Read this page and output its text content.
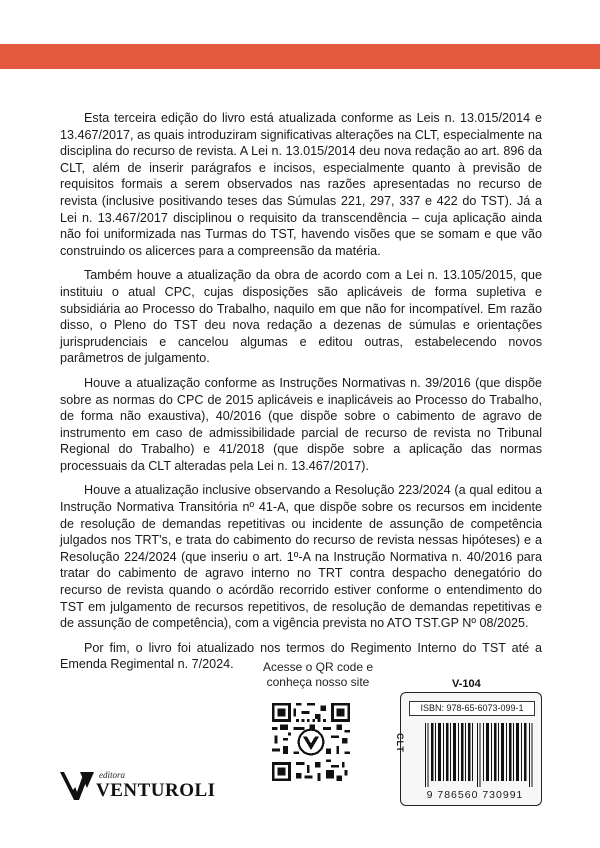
Esta terceira edição do livro está atualizada conforme as Leis n. 13.015/2014 e 13.467/2017, as quais introduziram significativas alterações na CLT, especialmente na disciplina do recurso de revista. A Lei n. 13.015/2014 deu nova redação ao art. 896 da CLT, além de inserir parágrafos e incisos, especialmente quanto à previsão de requisitos formais a serem observados nas razões apresentadas no recurso de revista (inclusive positivando teses das Súmulas 221, 297, 337 e 422 do TST). Já a Lei n. 13.467/2017 disciplinou o requisito da transcendência – cuja aplicação ainda não foi uniformizada nas Turmas do TST, havendo visões que se somam e que vão construindo os alicerces para a compreensão da matéria.

Também houve a atualização da obra de acordo com a Lei n. 13.105/2015, que instituiu o atual CPC, cujas disposições são aplicáveis de forma supletiva e subsidiária ao Processo do Trabalho, naquilo em que não for incompatível. Em razão disso, o Pleno do TST deu nova redação a dezenas de súmulas e orientações jurisprudenciais e cancelou algumas e editou outras, estabelecendo novos parâmetros de julgamento.

Houve a atualização conforme as Instruções Normativas n. 39/2016 (que dispõe sobre as normas do CPC de 2015 aplicáveis e inaplicáveis ao Processo do Trabalho, de forma não exaustiva), 40/2016 (que dispõe sobre o cabimento de agravo de instrumento em caso de admissibilidade parcial de recurso de revista no Tribunal Regional do Trabalho) e 41/2018 (que dispõe sobre a aplicação das normas processuais da CLT alteradas pela Lei n. 13.467/2017).

Houve a atualização inclusive observando a Resolução 223/2024 (a qual editou a Instrução Normativa Transitória nº 41-A, que dispõe sobre os recursos em incidente de resolução de demandas repetitivas ou incidente de assunção de competência julgados nos TRT's, e trata do cabimento do recurso de revista nessas hipóteses) e a Resolução 224/2024 (que inseriu o art. 1º-A na Instrução Normativa n. 40/2016 para tratar do cabimento de agravo interno no TRT contra despacho denegatório do recurso de revista quando o acórdão recorrido estiver conforme o entendimento do TST em julgamento de recursos repetitivos, de resolução de demandas repetitivas e de assunção de competência), com a vigência prevista no ATO TST.GP Nº 08/2025.

Por fim, o livro foi atualizado nos termos do Regimento Interno do TST até a Emenda Regimental n. 7/2024.	Acesse o QR code e
conheça nosso site	V-104
ISBN: 978-65-6073-099-1
CLT
9 786560 730991
editora
VENTUROLI
